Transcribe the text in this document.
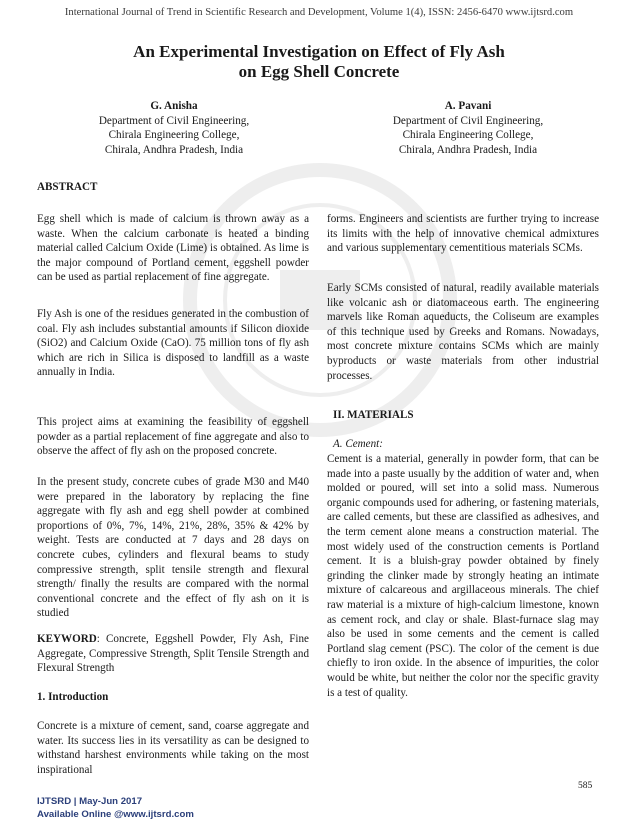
International Journal of Trend in Scientific Research and Development, Volume 1(4), ISSN: 2456-6470 www.ijtsrd.com
An Experimental Investigation on Effect of Fly Ash
on Egg Shell Concrete
G. Anisha
Department of Civil Engineering,
Chirala Engineering College,
Chirala, Andhra Pradesh, India
A. Pavani
Department of Civil Engineering,
Chirala Engineering College,
Chirala, Andhra Pradesh, India
ABSTRACT

Egg shell which is made of calcium is thrown away as a waste. When the calcium carbonate is heated a binding material called Calcium Oxide (Lime) is obtained. As lime is the major compound of Portland cement, eggshell powder can be used as partial replacement of fine aggregate.

Fly Ash is one of the residues generated in the combustion of coal. Fly ash includes substantial amounts if Silicon dioxide (SiO2) and Calcium Oxide (CaO). 75 million tons of fly ash which are rich in Silica is disposed to landfill as a waste annually in India.

This project aims at examining the feasibility of eggshell powder as a partial replacement of fine aggregate and also to observe the affect of fly ash on the proposed concrete.

In the present study, concrete cubes of grade M30 and M40 were prepared in the laboratory by replacing the fine aggregate with fly ash and egg shell powder at combined proportions of 0%, 7%, 14%, 21%, 28%, 35% & 42% by weight. Tests are conducted at 7 days and 28 days on concrete cubes, cylinders and flexural beams to study compressive strength, split tensile strength and flexural strength/ finally the results are compared with the normal conventional concrete and the effect of fly ash on it is studied

KEYWORD: Concrete, Eggshell Powder, Fly Ash, Fine Aggregate, Compressive Strength, Split Tensile Strength and Flexural Strength

1. Introduction

Concrete is a mixture of cement, sand, coarse aggregate and water. Its success lies in its versatility as can be designed to withstand harshest environments while taking on the most inspirational

forms. Engineers and scientists are further trying to increase its limits with the help of innovative chemical admixtures and various supplementary cementitious materials SCMs.

Early SCMs consisted of natural, readily available materials like volcanic ash or diatomaceous earth. The engineering marvels like Roman aqueducts, the Coliseum are examples of this technique used by Greeks and Romans. Nowadays, most concrete mixture contains SCMs which are mainly byproducts or waste materials from other industrial processes.

II. MATERIALS
A. Cement:

Cement is a material, generally in powder form, that can be made into a paste usually by the addition of water and, when molded or poured, will set into a solid mass. Numerous organic compounds used for adhering, or fastening materials, are called cements, but these are classified as adhesives, and the term cement alone means a construction material. The most widely used of the construction cements is Portland cement. It is a bluish-gray powder obtained by finely grinding the clinker made by strongly heating an intimate mixture of calcareous and argillaceous minerals. The chief raw material is a mixture of high-calcium limestone, known as cement rock, and clay or shale. Blast-furnace slag may also be used in some cements and the cement is called Portland slag cement (PSC). The color of the cement is due chiefly to iron oxide. In the absence of impurities, the color would be white, but neither the color nor the specific gravity is a test of quality.

585
IJTSRD | May-Jun 2017
Available Online @www.ijtsrd.com
